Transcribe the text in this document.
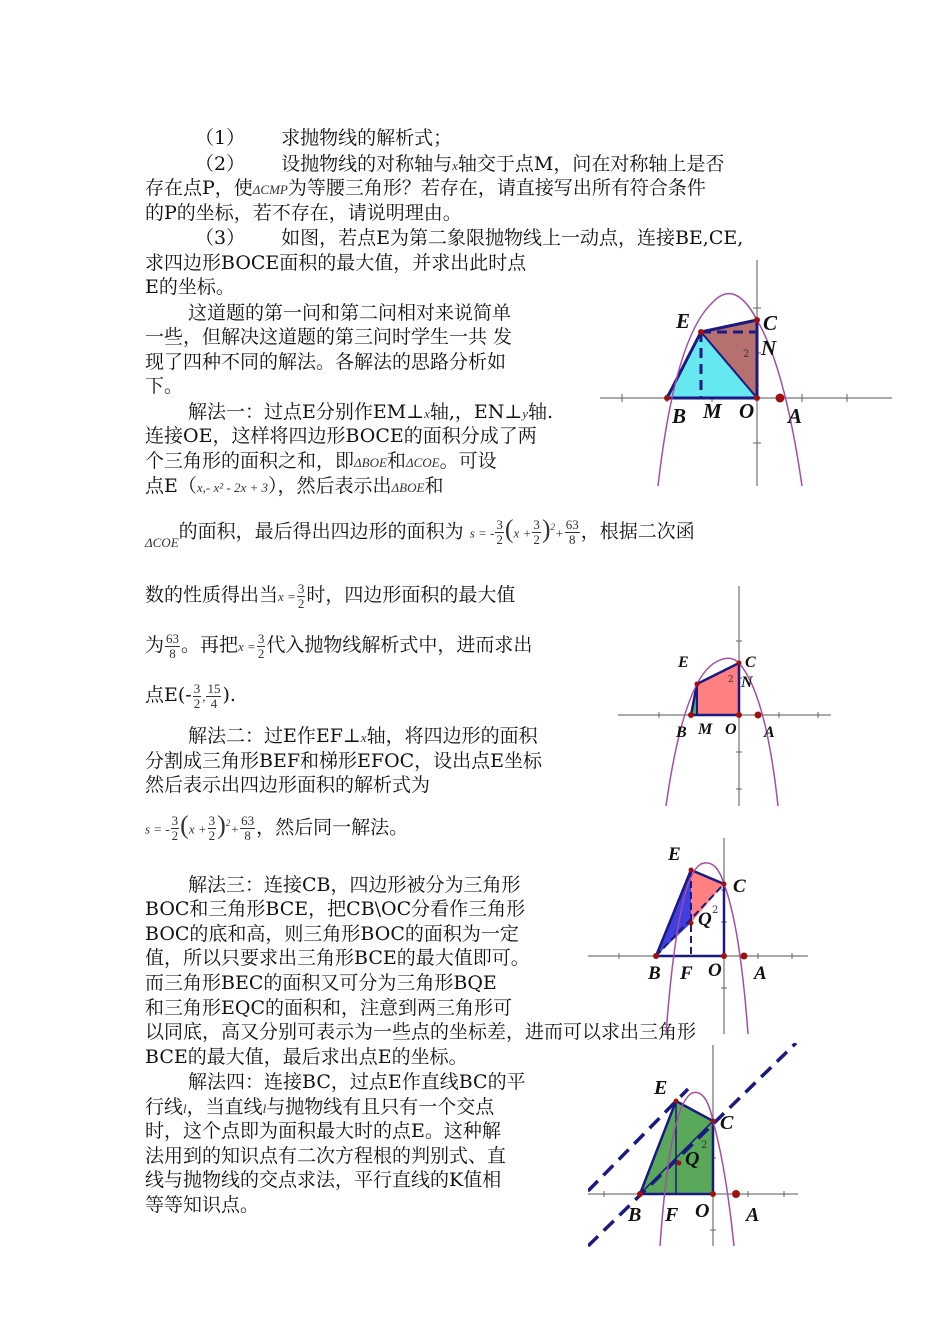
（1） 求抛物线的解析式；
（2） 设抛物线的对称轴与x轴交于点M，问在对称轴上是否
存在点P，使ΔCMP为等腰三角形？若存在，请直接写出所有符合条件
的P的坐标，若不存在，请说明理由。
（3） 如图，若点E为第二象限抛物线上一动点，连接BE,CE,
求四边形BOCE面积的最大值，并求出此时点
E的坐标。
这道题的第一问和第二问相对来说简单
一些，但解决这道题的第三问时学生一共 发
现了四种不同的解法。各解法的思路分析如
下。
解法一：过点E分别作EM⊥x轴,，EN⊥y轴.
连接OE，这样将四边形BOCE的面积分成了两
个三角形的面积之和，即ΔBOE和ΔCOE。可设
点E（x,- x² - 2x + 3），然后表示出ΔBOE和
$_{\Delta COE}$的面积，最后得出四边形的面积为 s = - $\frac{3}{2} (x + \frac{3}{2} )^2+ \frac{63}{8}$ ，根据二次函
数的性质得出当$x = \frac{3}{2}$ 时，四边形面积的最大值
为 $\frac{63}{8}$ 。再把$x = \frac{3}{2}$ 代入抛物线解析式中，进而求出
点$E(- \frac{3}{2}$ , $\frac{15}{4}$ ).
解法二：过E作EF⊥x轴，将四边形的面积
分割成三角形BEF和梯形EFOC，设出点E坐标
然后表示出四边形面积的解析式为
s = - $\frac{3}{2} (x + \frac{3}{2} )^2+ \frac{63}{8}$ ，然后同一解法。
解法三：连接CB，四边形被分为三角形
BOC和三角形BCE，把CB\OC分看作三角形
BOC的底和高，则三角形BOC的面积为一定
值，所以只要求出三角形BCE的最大值即可。
而三角形BEC的面积又可分为三角形BQE
和三角形EQC的面积和，注意到两三角形可
以同底，高又分别可表示为一些点的坐标差，进而可以求出三角形
BCE的最大值，最后求出点E的坐标。
解法四：连接BC，过点E作直线BC的平
行线l，当直线l与抛物线有且只有一个交点
时，这个点即为面积最大时的点E。这种解
法用到的知识点有二次方程根的判别式、直
线与抛物线的交点求法，平行直线的K值相
等等知识点。
E	C
N
B M O A
2
E	C
N
B M O A
2
E
C
Q
B F O A
2
E
C
Q
B F O A
2
